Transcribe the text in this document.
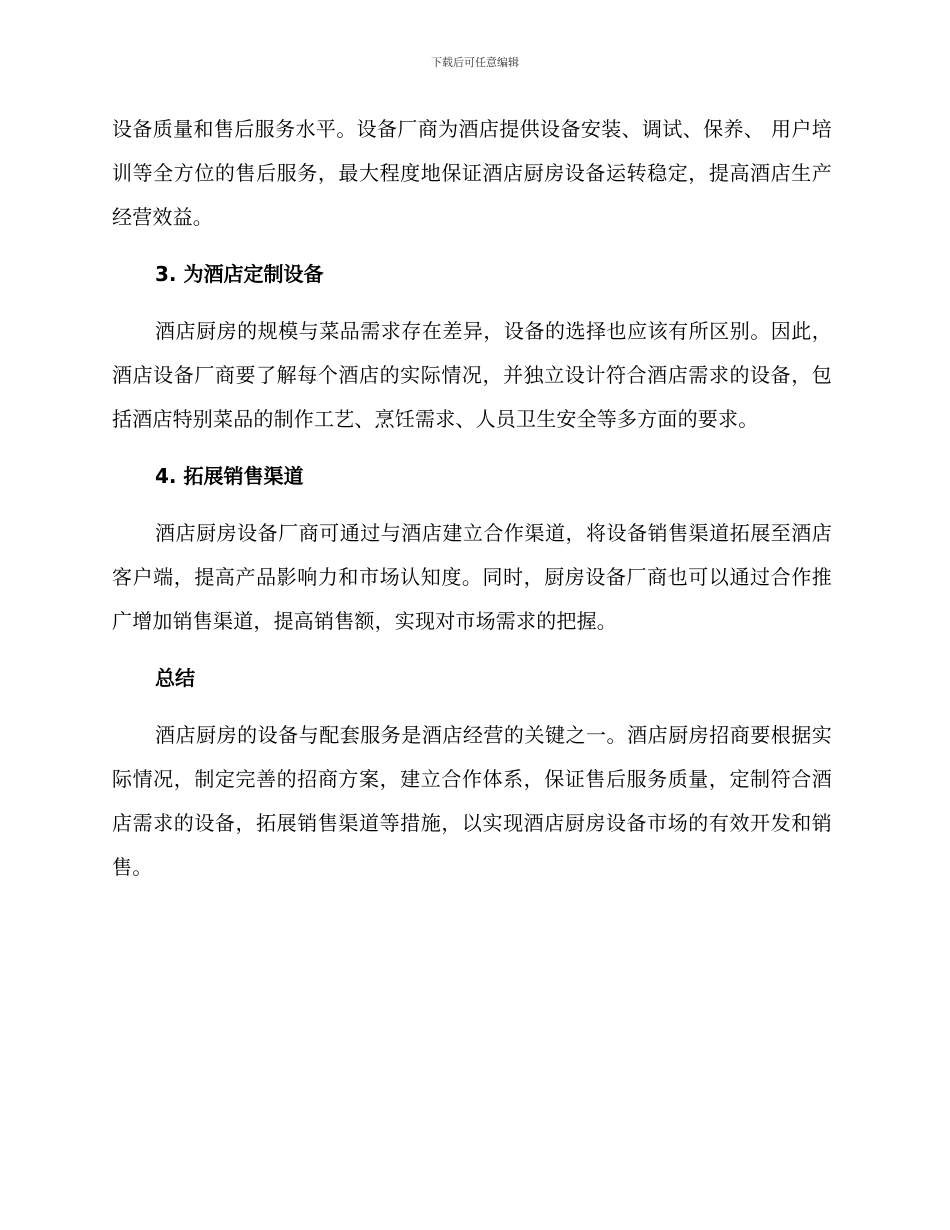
下载后可任意编辑

设备质量和售后服务水平。设备厂商为酒店提供设备安装、调试、保养、 用户培训等全方位的售后服务，最大程度地保证酒店厨房设备运转稳定，提高酒店生产经营效益。

3. 为酒店定制设备

酒店厨房的规模与菜品需求存在差异，设备的选择也应该有所区别。因此，酒店设备厂商要了解每个酒店的实际情况，并独立设计符合酒店需求的设备，包括酒店特别菜品的制作工艺、烹饪需求、人员卫生安全等多方面的要求。

4. 拓展销售渠道

酒店厨房设备厂商可通过与酒店建立合作渠道，将设备销售渠道拓展至酒店客户端，提高产品影响力和市场认知度。同时，厨房设备厂商也可以通过合作推广增加销售渠道，提高销售额，实现对市场需求的把握。

总结

酒店厨房的设备与配套服务是酒店经营的关键之一。酒店厨房招商要根据实际情况，制定完善的招商方案，建立合作体系，保证售后服务质量，定制符合酒店需求的设备，拓展销售渠道等措施，以实现酒店厨房设备市场的有效开发和销售。
